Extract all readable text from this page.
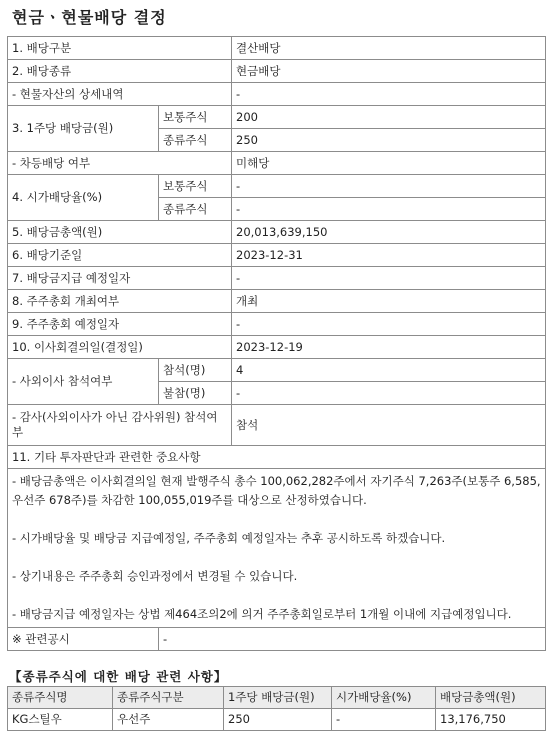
현금ㆍ현물배당 결정
1. 배당구분		결산배당
2. 배당종류		현금배당
- 현물자산의 상세내역		-
3. 1주당 배당금(원)	보통주식	200
	종류주식	250
- 차등배당 여부		미해당
4. 시가배당율(%)	보통주식	-
	종류주식	-
5. 배당금총액(원)		20,013,639,150
6. 배당기준일		2023-12-31
7. 배당금지급 예정일자		-
8. 주주총회 개최여부		개최
9. 주주총회 예정일자		-
10. 이사회결의일(결정일)		2023-12-19
- 사외이사 참석여부	참석(명)	4
	불참(명)	-
- 감사(사외이사가 아닌 감사위원) 참석여부		참석
11. 기타 투자판단과 관련한 중요사항		

- 배당금총액은 이사회결의일 현재 발행주식 총수 100,062,282주에서 자기주식 7,263주(보통주 6,585, 우선주 678주)를 차감한 100,055,019주를 대상으로 산정하였습니다.
- 시가배당율 및 배당금 지급예정일, 주주총회 예정일자는 추후 공시하도록 하겠습니다.
- 상기내용은 주주총회 승인과정에서 변경될 수 있습니다.
- 배당금지급 예정일자는 상법 제464조의2에 의거 주주총회일로부터 1개월 이내에 지급예정입니다.		

※ 관련공시	-	
【종류주식에 대한 배당 관련 사항】
종류주식명	종류주식구분	1주당 배당금(원)	시가배당율(%)	배당금총액(원)
KG스틸우	우선주	250	-	13,176,750
